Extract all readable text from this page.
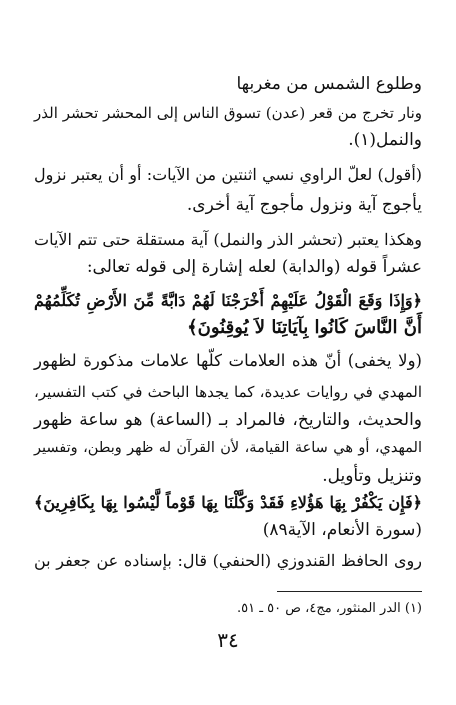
وطلوع الشمس من مغربها
ونار تخرج من قعر (عدن) تسوق الناس إلى المحشر تحشر الذر
والنمل(١).
(أقول) لعلّ الراوي نسي اثنتين من الآيات: أو أن يعتبر نزول
يأجوج آية ونزول مأجوج آية أخرى.
وهكذا يعتبر (تحشر الذر والنمل) آية مستقلة حتى تتم الآيات
عشراً قوله (والدابة) لعله إشارة إلى قوله تعالى:
﴿وَإِذَا وَقَعَ الْقَوْلُ عَلَيْهِمْ أَخْرَجْنَا لَهُمْ دَابَّةً مِّنَ الأَرْضِ تُكَلِّمُهُمْ
أَنَّ النَّاسَ كَانُوا بِآيَاتِنَا لاَ يُوقِنُونَ﴾
(ولا يخفى) أنّ هذه العلامات كلّها علامات مذكورة لظهور
المهدي في روايات عديدة، كما يجدها الباحث في كتب التفسير،
والحديث، والتاريخ، فالمراد بـ (الساعة) هو ساعة ظهور
المهدي، أو هي ساعة القيامة، لأن القرآن له ظهر وبطن، وتفسير
وتنزيل وتأويل.
﴿فَإِن يَكْفُرْ بِهَا هَؤُلاءِ فَقَدْ وَكَّلْنَا بِهَا قَوْماً لَّيْسُوا بِهَا بِكَافِرِينَ﴾
(سورة الأنعام، الآية٨٩)
روى الحافظ القندوزي (الحنفي) قال: بإسناده عن جعفر بن
(١) الدر المنثور، مج٤، ص ٥٠ ـ ٥١.
٣٤
